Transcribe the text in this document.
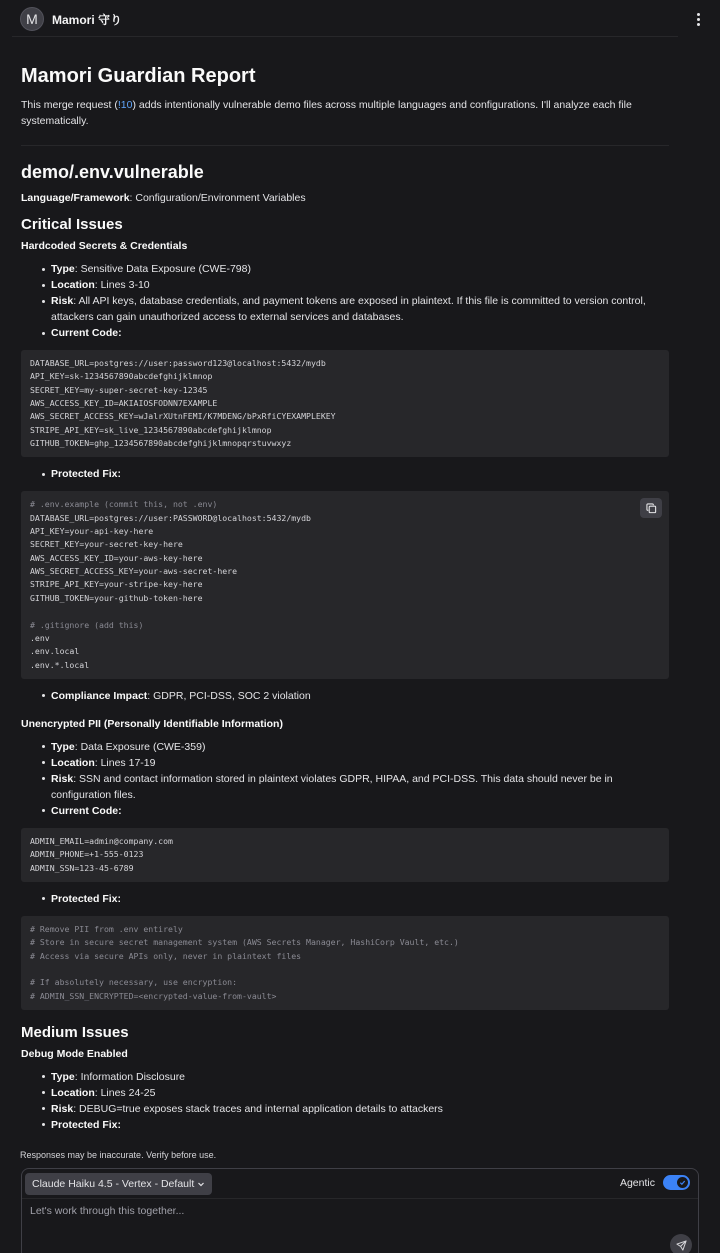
M	Mamori 守り
Mamori Guardian Report

This merge request (!10) adds intentionally vulnerable demo files across multiple languages and configurations. I'll analyze each file systematically.

demo/.env.vulnerable

Language/Framework: Configuration/Environment Variables

Critical Issues
Hardcoded Secrets & Credentials
Type: Sensitive Data Exposure (CWE-798)
Location: Lines 3-10
Risk: All API keys, database credentials, and payment tokens are exposed in plaintext. If this file is committed to version control, attackers can gain unauthorized access to external services and databases.
Current Code:
DATABASE_URL=postgres://user:password123@localhost:5432/mydb
API_KEY=sk-1234567890abcdefghijklmnop
SECRET_KEY=my-super-secret-key-12345
AWS_ACCESS_KEY_ID=AKIAIOSFODNN7EXAMPLE
AWS_SECRET_ACCESS_KEY=wJalrXUtnFEMI/K7MDENG/bPxRfiCYEXAMPLEKEY
STRIPE_API_KEY=sk_live_1234567890abcdefghijklmnop
GITHUB_TOKEN=ghp_1234567890abcdefghijklmnopqrstuvwxyz
Protected Fix:
# .env.example (commit this, not .env)
DATABASE_URL=postgres://user:PASSWORD@localhost:5432/mydb
API_KEY=your-api-key-here
SECRET_KEY=your-secret-key-here
AWS_ACCESS_KEY_ID=your-aws-key-here
AWS_SECRET_ACCESS_KEY=your-aws-secret-here
STRIPE_API_KEY=your-stripe-key-here
GITHUB_TOKEN=your-github-token-here

# .gitignore (add this)
.env
.env.local
.env.*.local
Compliance Impact: GDPR, PCI-DSS, SOC 2 violation
Unencrypted PII (Personally Identifiable Information)
Type: Data Exposure (CWE-359)
Location: Lines 17-19
Risk: SSN and contact information stored in plaintext violates GDPR, HIPAA, and PCI-DSS. This data should never be in configuration files.
Current Code:
ADMIN_EMAIL=admin@company.com
ADMIN_PHONE=+1-555-0123
ADMIN_SSN=123-45-6789
Protected Fix:
# Remove PII from .env entirely
# Store in secure secret management system (AWS Secrets Manager, HashiCorp Vault, etc.)
# Access via secure APIs only, never in plaintext files

# If absolutely necessary, use encryption:
# ADMIN_SSN_ENCRYPTED=<encrypted-value-from-vault>
Medium Issues
Debug Mode Enabled
Type: Information Disclosure
Location: Lines 24-25
Risk: DEBUG=true exposes stack traces and internal application details to attackers
Protected Fix:
Responses may be inaccurate. Verify before use.
Claude Haiku 4.5 - Vertex - Default	Agentic
Let's work through this together...
